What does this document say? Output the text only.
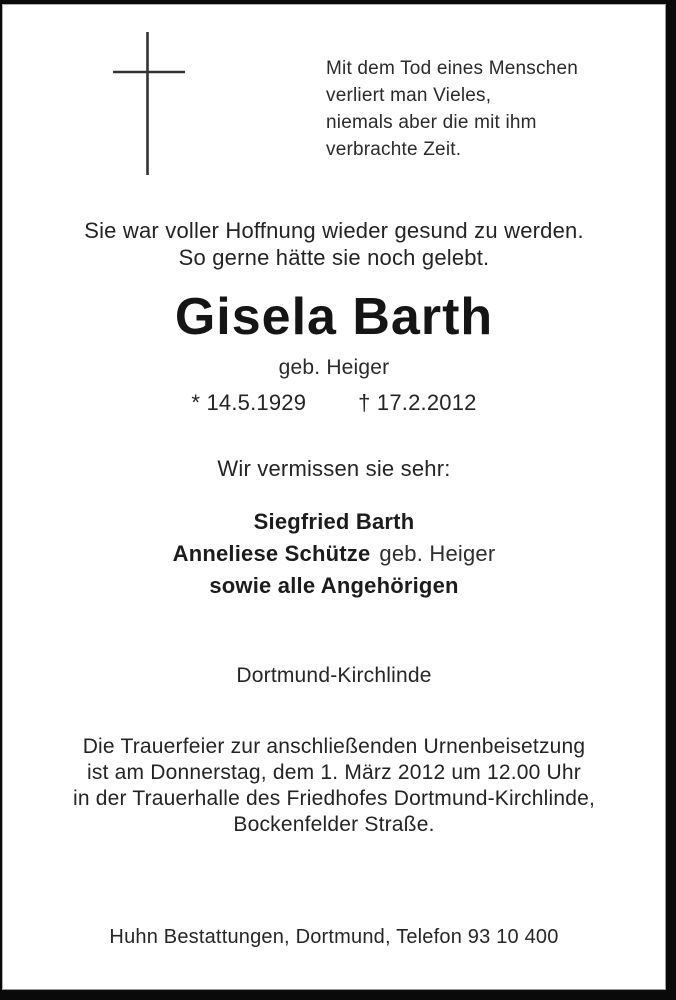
Mit dem Tod eines Menschen
verliert man Vieles,
niemals aber die mit ihm
verbrachte Zeit.
Sie war voller Hoffnung wieder gesund zu werden.
So gerne hätte sie noch gelebt.
Gisela Barth
geb. Heiger
* 14.5.1929 † 17.2.2012
Wir vermissen sie sehr:
Siegfried Barth
Anneliese Schütze geb. Heiger
sowie alle Angehörigen
Dortmund-Kirchlinde
Die Trauerfeier zur anschließenden Urnenbeisetzung
ist am Donnerstag, dem 1. März 2012 um 12.00 Uhr
in der Trauerhalle des Friedhofes Dortmund-Kirchlinde,
Bockenfelder Straße.
Huhn Bestattungen, Dortmund, Telefon 93 10 400
